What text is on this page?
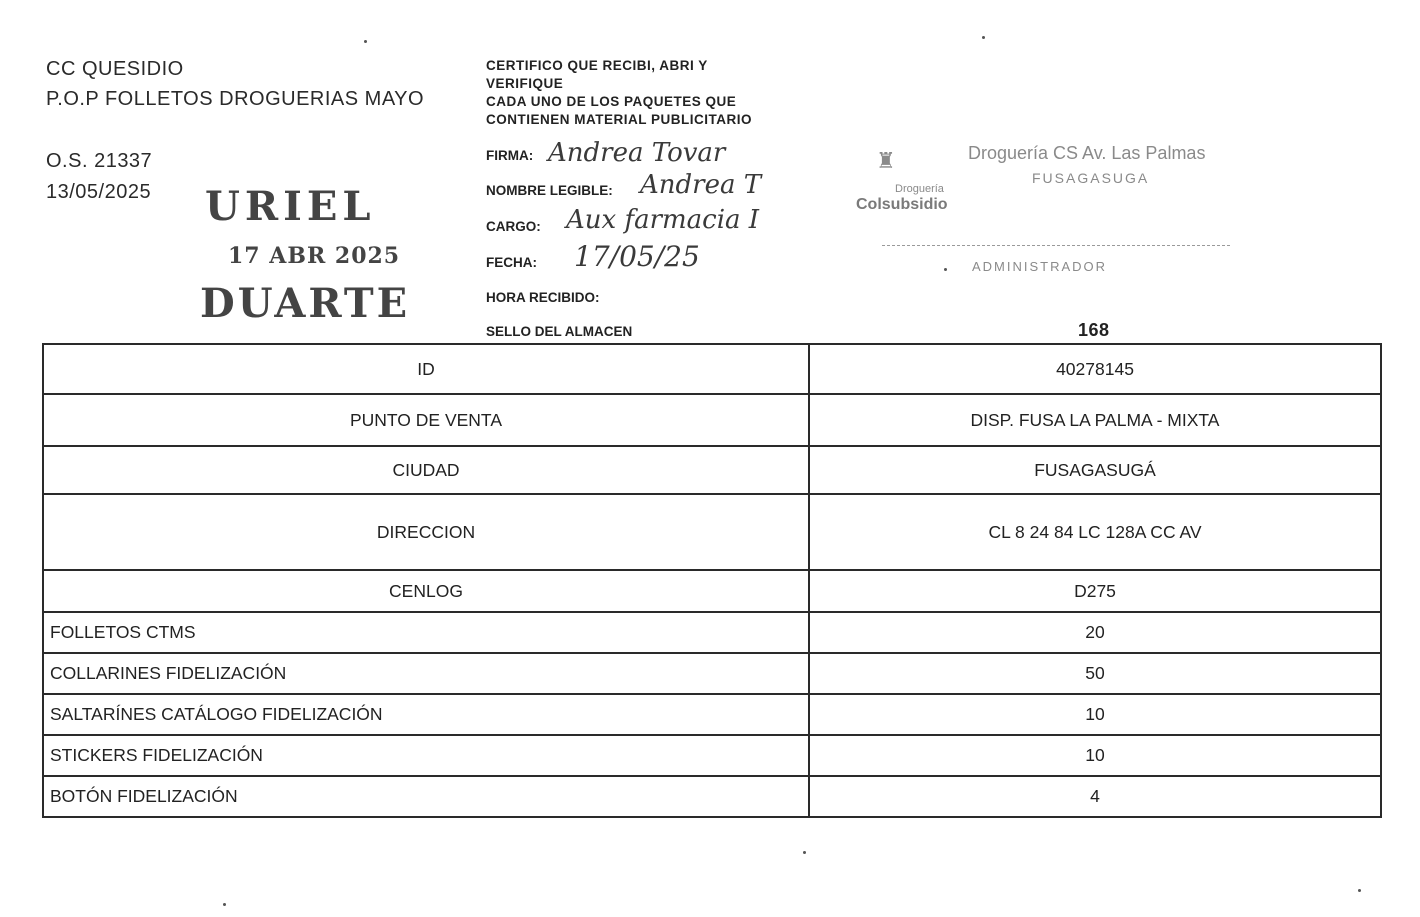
CC QUESIDIO
P.O.P FOLLETOS DROGUERIAS MAYO
O.S. 21337
13/05/2025 URIEL
17 ABR 2025
DUARTE
CERTIFICO QUE RECIBI, ABRI Y
VERIFIQUE
CADA UNO DE LOS PAQUETES QUE
CONTIENEN MATERIAL PUBLICITARIO
FIRMA: Andrea Tovar
NOMBRE LEGIBLE: Andrea T
CARGO: Aux farmacia I
FECHA: 17/05/25
HORA RECIBIDO:
SELLO DEL ALMACEN
♜
Droguería
Colsubsidio
Droguería CS Av. Las Palmas
FUSAGASUGA
ADMINISTRADOR
168
ID	40278145
PUNTO DE VENTA	DISP. FUSA LA PALMA - MIXTA
CIUDAD	FUSAGASUGÁ
DIRECCION	CL 8 24 84 LC 128A CC AV
CENLOG	D275
FOLLETOS CTMS	20
COLLARINES FIDELIZACIÓN	50
SALTARÍNES CATÁLOGO FIDELIZACIÓN	10
STICKERS FIDELIZACIÓN	10
BOTÓN FIDELIZACIÓN	4
